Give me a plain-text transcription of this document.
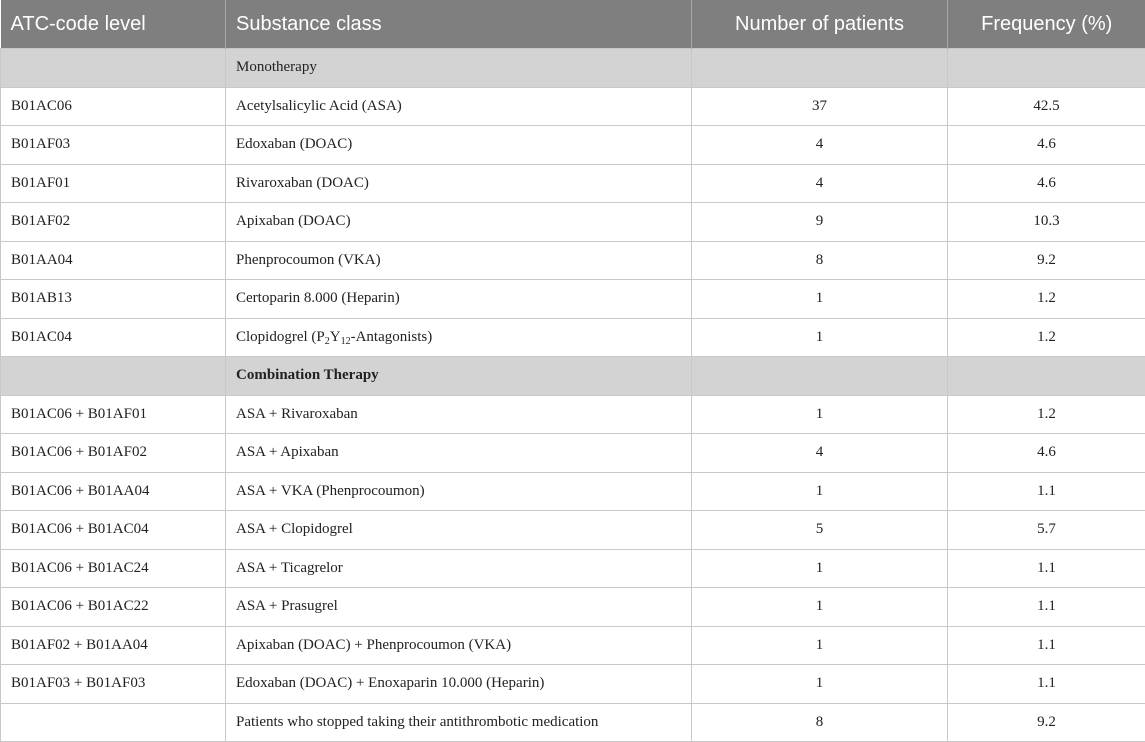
ATC-code level	Substance class	Number of patients	Frequency (%)
	Monotherapy		
B01AC06	Acetylsalicylic Acid (ASA)	37	42.5
B01AF03	Edoxaban (DOAC)	4	4.6
B01AF01	Rivaroxaban (DOAC)	4	4.6
B01AF02	Apixaban (DOAC)	9	10.3
B01AA04	Phenprocoumon (VKA)	8	9.2
B01AB13	Certoparin 8.000 (Heparin)	1	1.2
B01AC04	Clopidogrel $(P_2Y_{12}-Antagonists)$	1	1.2
	Combination Therapy		
B01AC06 + B01AF01	ASA + Rivaroxaban	1	1.2
B01AC06 + B01AF02	ASA + Apixaban	4	4.6
B01AC06 + B01AA04	ASA + VKA (Phenprocoumon)	1	1.1
B01AC06 + B01AC04	ASA + Clopidogrel	5	5.7
B01AC06 + B01AC24	ASA + Ticagrelor	1	1.1
B01AC06 + B01AC22	ASA + Prasugrel	1	1.1
B01AF02 + B01AA04	Apixaban (DOAC) + Phenprocoumon (VKA)	1	1.1
B01AF03 + B01AF03	Edoxaban (DOAC) + Enoxaparin 10.000 (Heparin)	1	1.1
	Patients who stopped taking their antithrombotic medication	8	9.2
